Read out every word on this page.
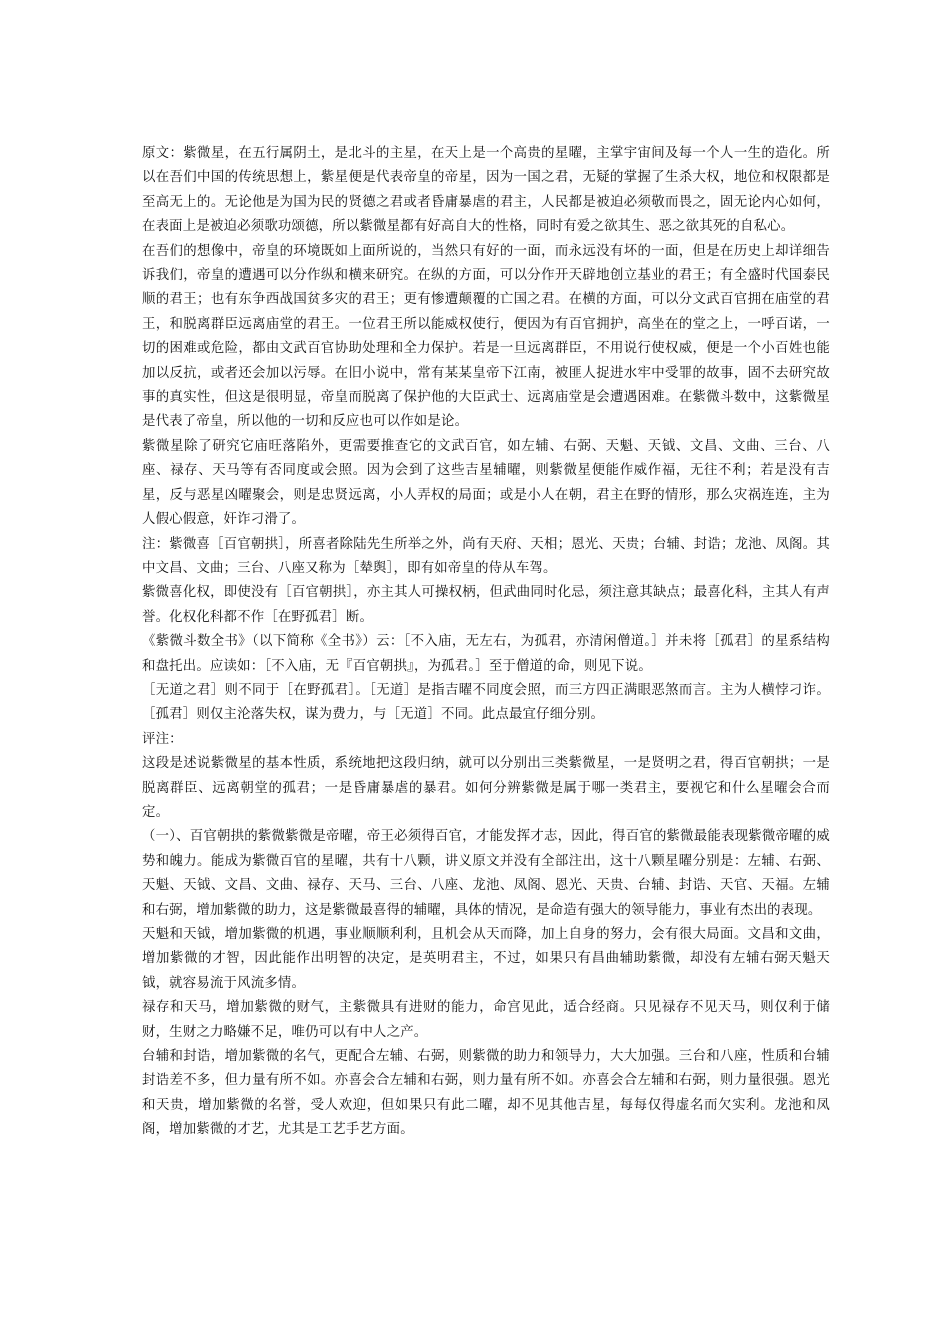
原文：紫微星，在五行属阴土，是北斗的主星，在天上是一个高贵的星曜，主掌宇宙间及每一个人一生的造化。所以在吾们中国的传统思想上，紫星便是代表帝皇的帝星，因为一国之君，无疑的掌握了生杀大权，地位和权限都是至高无上的。无论他是为国为民的贤德之君或者昏庸暴虐的君主，人民都是被迫必须敬而畏之，固无论内心如何，在表面上是被迫必须歌功颂德，所以紫微星都有好高自大的性格，同时有爱之欲其生、恶之欲其死的自私心。

在吾们的想像中，帝皇的环境既如上面所说的，当然只有好的一面，而永远没有坏的一面，但是在历史上却详细告诉我们，帝皇的遭遇可以分作纵和横来研究。在纵的方面，可以分作开天辟地创立基业的君王；有全盛时代国泰民顺的君王；也有东争西战国贫多灾的君王；更有惨遭颠覆的亡国之君。在横的方面，可以分文武百官拥在庙堂的君王，和脱离群臣远离庙堂的君王。一位君王所以能威权使行，便因为有百官拥护，高坐在的堂之上，一呼百诺，一切的困难或危险，都由文武百官协助处理和全力保护。若是一旦远离群臣，不用说行使权威，便是一个小百姓也能加以反抗，或者还会加以污辱。在旧小说中，常有某某皇帝下江南，被匪人捉进水牢中受罪的故事，固不去研究故事的真实性，但这是很明显，帝皇而脱离了保护他的大臣武士、远离庙堂是会遭遇困难。在紫微斗数中，这紫微星是代表了帝皇，所以他的一切和反应也可以作如是论。

紫微星除了研究它庙旺落陷外，更需要推查它的文武百官，如左辅、右弼、天魁、天钺、文昌、文曲、三台、八座、禄存、天马等有否同度或会照。因为会到了这些吉星辅曜，则紫微星便能作威作福，无往不利；若是没有吉星，反与恶星凶曜聚会，则是忠贤远离，小人弄权的局面；或是小人在朝，君主在野的情形，那么灾祸连连，主为人假心假意，奸诈刁滑了。

注：紫微喜［百官朝拱］，所喜者除陆先生所举之外，尚有天府、天相；恩光、天贵；台辅、封诰；龙池、凤阁。其中文昌、文曲；三台、八座又称为［辇舆］，即有如帝皇的侍从车驾。

紫微喜化权，即使没有［百官朝拱］，亦主其人可操权柄，但武曲同时化忌，须注意其缺点；最喜化科，主其人有声誉。化权化科都不作［在野孤君］断。

《紫微斗数全书》（以下简称《全书》）云：［不入庙，无左右，为孤君，亦清闲僧道。］并未将［孤君］的星系结构和盘托出。应读如：［不入庙，无『百官朝拱』，为孤君。］至于僧道的命，则见下说。

［无道之君］则不同于［在野孤君］。［无道］是指吉曜不同度会照，而三方四正满眼恶煞而言。主为人横悖刁诈。［孤君］则仅主沦落失权，谋为费力，与［无道］不同。此点最宜仔细分别。

评注：

这段是述说紫微星的基本性质，系统地把这段归纳，就可以分别出三类紫微星，一是贤明之君，得百官朝拱；一是脱离群臣、远离朝堂的孤君；一是昏庸暴虐的暴君。如何分辨紫微是属于哪一类君主，要视它和什么星曜会合而定。

（一）、百官朝拱的紫微紫微是帝曜，帝王必须得百官，才能发挥才志，因此，得百官的紫微最能表现紫微帝曜的威势和魄力。能成为紫微百官的星曜，共有十八颗，讲义原文并没有全部注出，这十八颗星曜分别是：左辅、右弼、天魁、天钺、文昌、文曲、禄存、天马、三台、八座、龙池、凤阁、恩光、天贵、台辅、封诰、天官、天福。左辅和右弼，增加紫微的助力，这是紫微最喜得的辅曜，具体的情况，是命造有强大的领导能力，事业有杰出的表现。

天魁和天钺，增加紫微的机遇，事业顺顺利利，且机会从天而降，加上自身的努力，会有很大局面。文昌和文曲，增加紫微的才智，因此能作出明智的决定，是英明君主，不过，如果只有昌曲辅助紫微，却没有左辅右弼天魁天钺，就容易流于风流多情。

禄存和天马，增加紫微的财气，主紫微具有进财的能力，命宫见此，适合经商。只见禄存不见天马，则仅利于储财，生财之力略嫌不足，唯仍可以有中人之产。

台辅和封诰，增加紫微的名气，更配合左辅、右弼，则紫微的助力和领导力，大大加强。三台和八座，性质和台辅封诰差不多，但力量有所不如。亦喜会合左辅和右弼，则力量有所不如。亦喜会合左辅和右弼，则力量很强。恩光和天贵，增加紫微的名誉，受人欢迎，但如果只有此二曜，却不见其他吉星，每每仅得虚名而欠实利。龙池和凤阁，增加紫微的才艺，尤其是工艺手艺方面。
